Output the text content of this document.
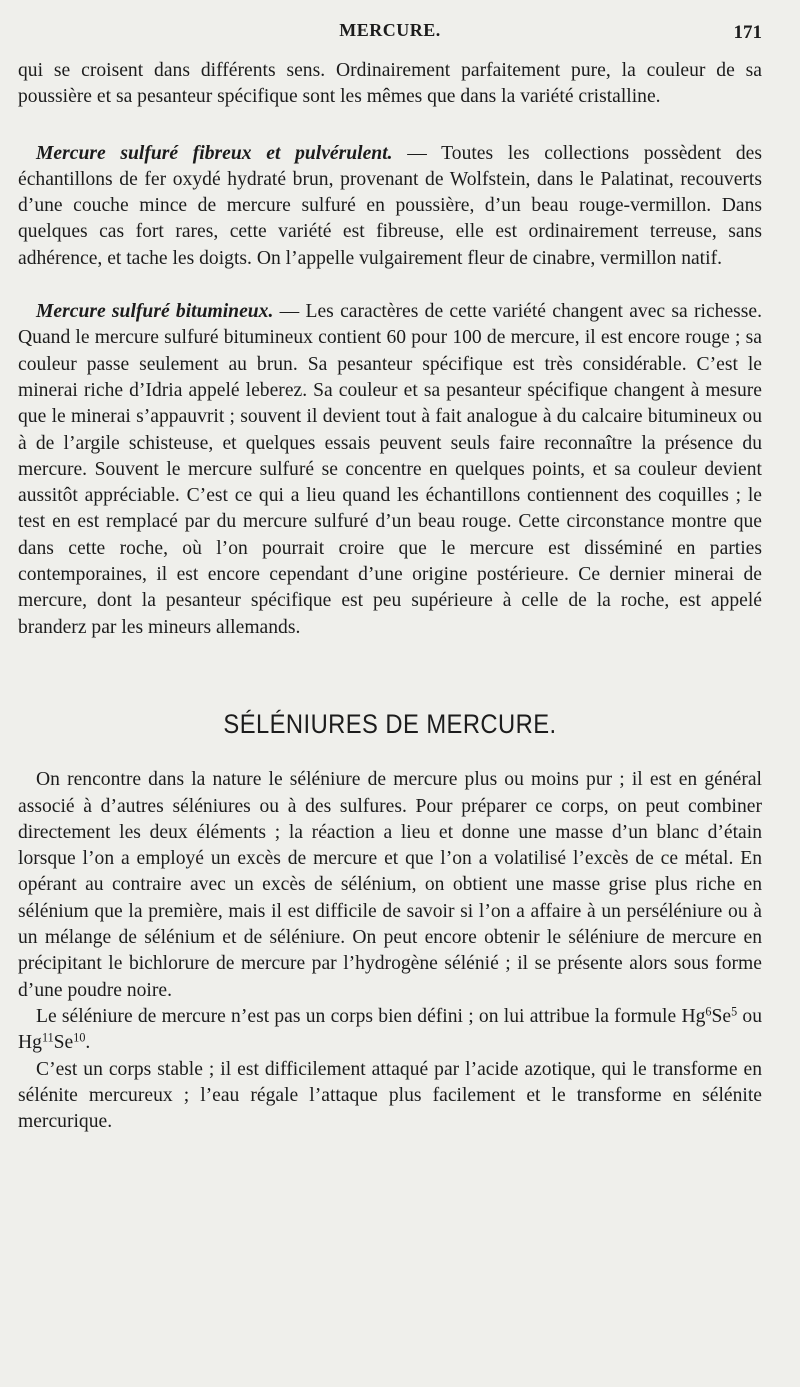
MERCURE.	171

qui se croisent dans différents sens. Ordinairement parfaitement pure, la couleur de sa poussière et sa pesanteur spécifique sont les mêmes que dans la variété cristalline.

Mercure sulfuré fibreux et pulvérulent. — Toutes les collections possèdent des échantillons de fer oxydé hydraté brun, provenant de Wolfstein, dans le Palatinat, recouverts d’une couche mince de mercure sulfuré en poussière, d’un beau rouge-vermillon. Dans quelques cas fort rares, cette variété est fibreuse, elle est ordinairement terreuse, sans adhérence, et tache les doigts. On l’appelle vulgairement fleur de cinabre, vermillon natif.

Mercure sulfuré bitumineux. — Les caractères de cette variété changent avec sa richesse. Quand le mercure sulfuré bitumineux contient 60 pour 100 de mercure, il est encore rouge ; sa couleur passe seulement au brun. Sa pesanteur spécifique est très considérable. C’est le minerai riche d’Idria appelé leberez. Sa couleur et sa pesanteur spécifique changent à mesure que le minerai s’appauvrit ; souvent il devient tout à fait analogue à du calcaire bitumineux ou à de l’argile schisteuse, et quelques essais peuvent seuls faire reconnaître la présence du mercure. Souvent le mercure sulfuré se concentre en quelques points, et sa couleur devient aussitôt appréciable. C’est ce qui a lieu quand les échantillons contiennent des coquilles ; le test en est remplacé par du mercure sulfuré d’un beau rouge. Cette circonstance montre que dans cette roche, où l’on pourrait croire que le mercure est disséminé en parties contemporaines, il est encore cependant d’une origine postérieure. Ce dernier minerai de mercure, dont la pesanteur spécifique est peu supérieure à celle de la roche, est appelé branderz par les mineurs allemands.

SÉLÉNIURES DE MERCURE.

On rencontre dans la nature le séléniure de mercure plus ou moins pur ; il est en général associé à d’autres séléniures ou à des sulfures. Pour préparer ce corps, on peut combiner directement les deux éléments ; la réaction a lieu et donne une masse d’un blanc d’étain lorsque l’on a employé un excès de mercure et que l’on a volatilisé l’excès de ce métal. En opérant au contraire avec un excès de sélénium, on obtient une masse grise plus riche en sélénium que la première, mais il est difficile de savoir si l’on a affaire à un perséléniure ou à un mélange de sélénium et de séléniure. On peut encore obtenir le séléniure de mercure en précipitant le bichlorure de mercure par l’hydrogène sélénié ; il se présente alors sous forme d’une poudre noire.

Le séléniure de mercure n’est pas un corps bien défini ; on lui attribue la formule Hg$^6$Se$^5$ ou Hg$^{11}$Se$^{10}$.

C’est un corps stable ; il est difficilement attaqué par l’acide azotique, qui le transforme en sélénite mercureux ; l’eau régale l’attaque plus facilement et le transforme en sélénite mercurique.
